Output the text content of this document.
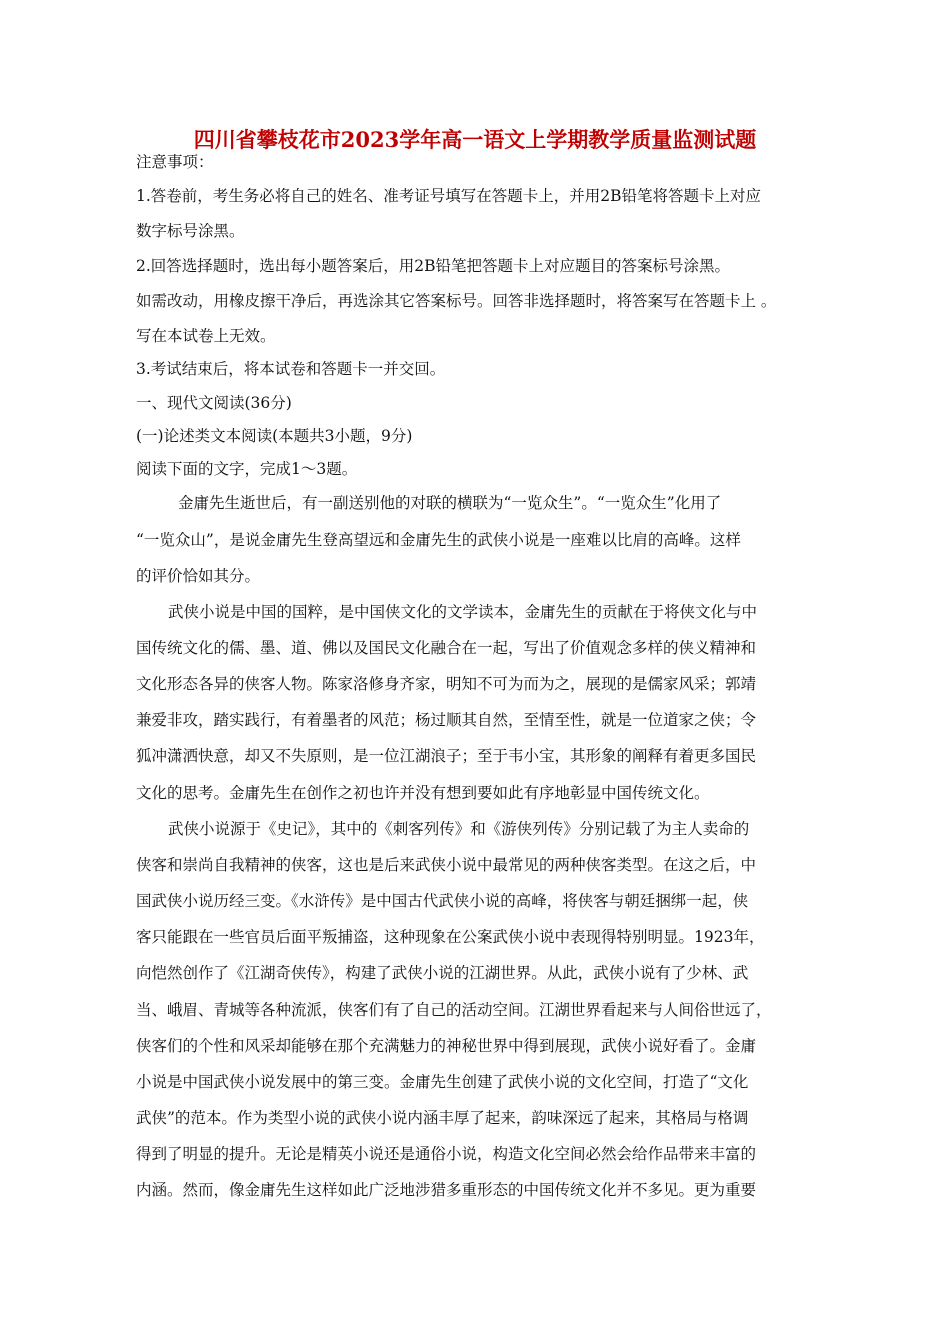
四川省攀枝花市2023学年高一语文上学期教学质量监测试题
注意事项：
1.答卷前，考生务必将自己的姓名、准考证号填写在答题卡上，并用2B铅笔将答题卡上对应
数字标号涂黑。
2.回答选择题时，选出每小题答案后，用2B铅笔把答题卡上对应题目的答案标号涂黑。
如需改动，用橡皮擦干净后，再选涂其它答案标号。回答非选择题时，将答案写在答题卡上 。
写在本试卷上无效。
3.考试结束后，将本试卷和答题卡一并交回。
一、现代文阅读(36分)
(一)论述类文本阅读(本题共3小题，9分)
阅读下面的文字，完成1～3题。
金庸先生逝世后，有一副送别他的对联的横联为“一览众生”。“一览众生”化用了
“一览众山”，是说金庸先生登高望远和金庸先生的武侠小说是一座难以比肩的高峰。这样
的评价恰如其分。
武侠小说是中国的国粹，是中国侠文化的文学读本，金庸先生的贡献在于将侠文化与中
国传统文化的儒、墨、道、佛以及国民文化融合在一起，写出了价值观念多样的侠义精神和
文化形态各异的侠客人物。陈家洛修身齐家，明知不可为而为之，展现的是儒家风采；郭靖
兼爱非攻，踏实践行，有着墨者的风范；杨过顺其自然，至情至性，就是一位道家之侠；令
狐冲潇洒快意，却又不失原则，是一位江湖浪子；至于韦小宝，其形象的阐释有着更多国民
文化的思考。金庸先生在创作之初也许并没有想到要如此有序地彰显中国传统文化。
武侠小说源于《史记》，其中的《刺客列传》和《游侠列传》分别记载了为主人卖命的
侠客和崇尚自我精神的侠客，这也是后来武侠小说中最常见的两种侠客类型。在这之后，中
国武侠小说历经三变。《水浒传》是中国古代武侠小说的高峰，将侠客与朝廷捆绑一起，侠
客只能跟在一些官员后面平叛捕盗，这种现象在公案武侠小说中表现得特别明显。1923年，
向恺然创作了《江湖奇侠传》，构建了武侠小说的江湖世界。从此，武侠小说有了少林、武
当、峨眉、青城等各种流派，侠客们有了自己的活动空间。江湖世界看起来与人间俗世远了，
侠客们的个性和风采却能够在那个充满魅力的神秘世界中得到展现，武侠小说好看了。金庸
小说是中国武侠小说发展中的第三变。金庸先生创建了武侠小说的文化空间，打造了“文化
武侠”的范本。作为类型小说的武侠小说内涵丰厚了起来，韵味深远了起来，其格局与格调
得到了明显的提升。无论是精英小说还是通俗小说，构造文化空间必然会给作品带来丰富的
内涵。然而，像金庸先生这样如此广泛地涉猎多重形态的中国传统文化并不多见。更为重要
